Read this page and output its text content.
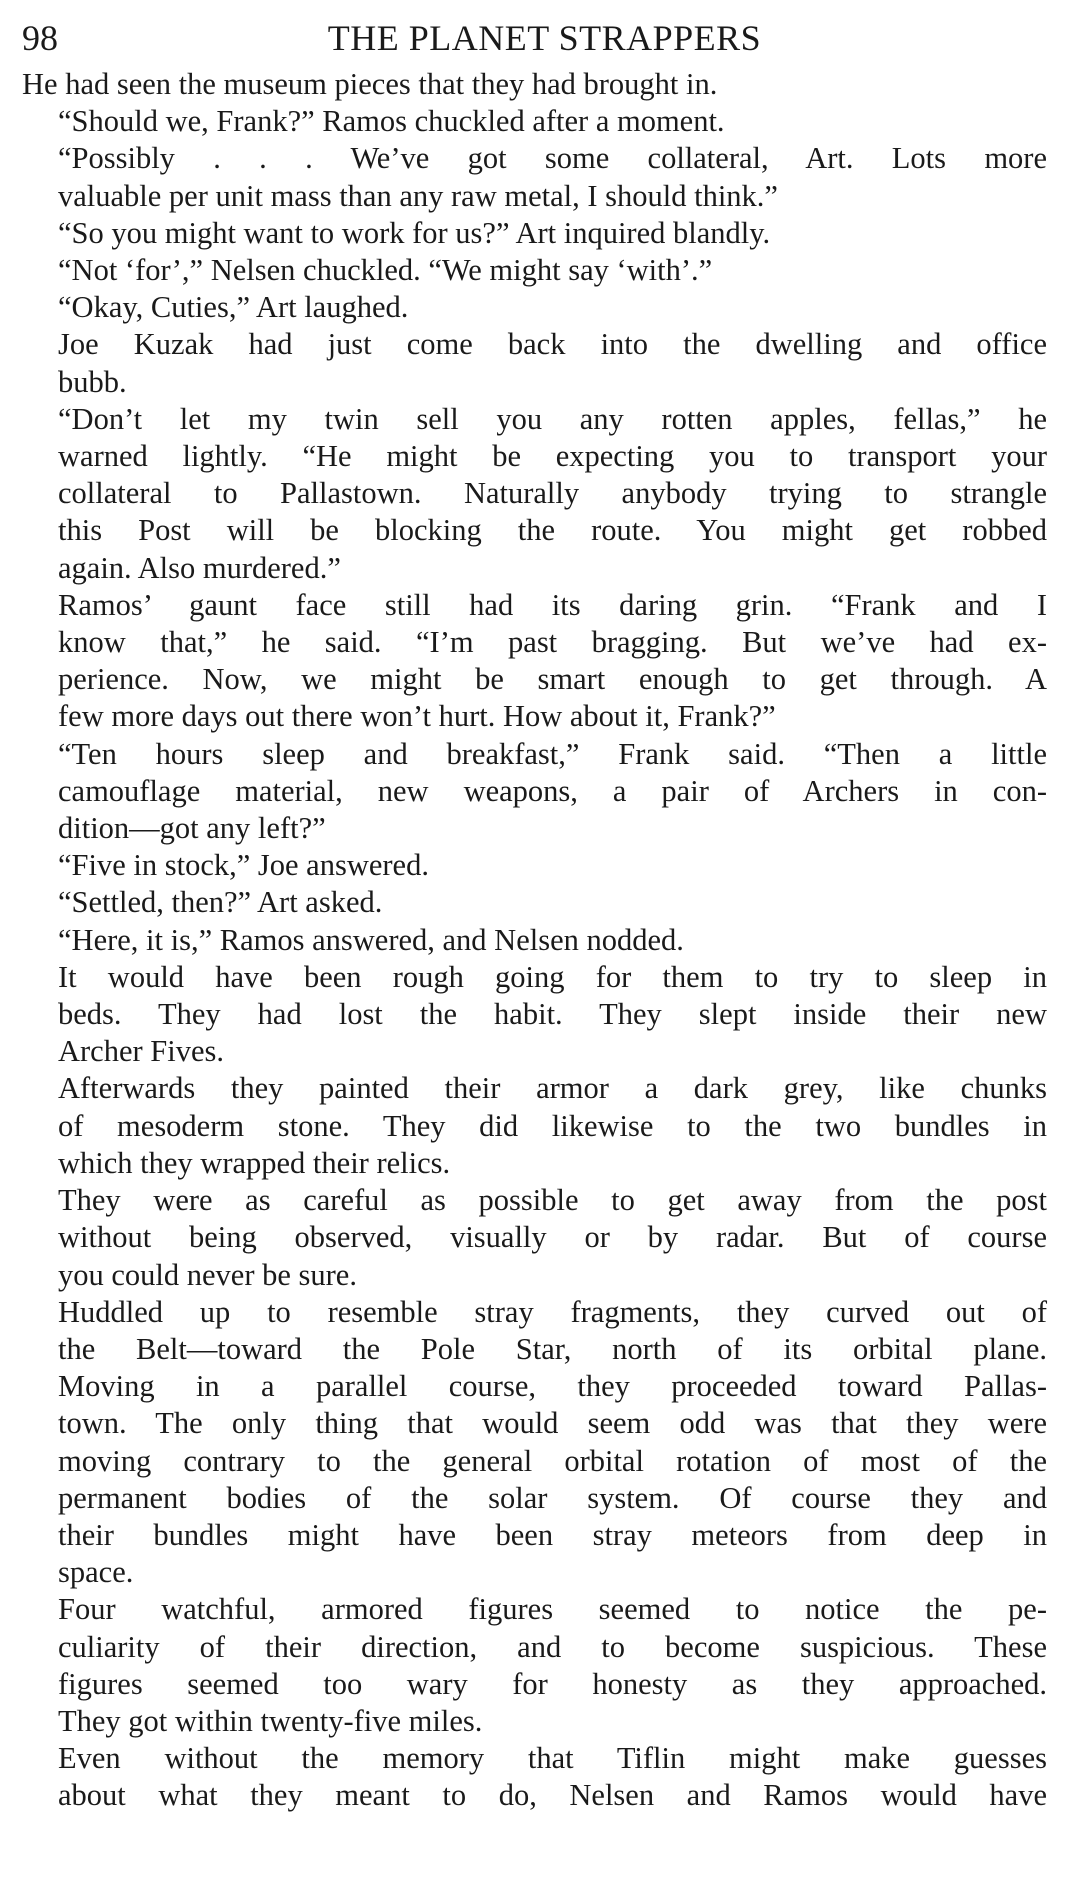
98	THE PLANET STRAPPERS

He had seen the museum pieces that they had brought in.

“Should we, Frank?” Ramos chuckled after a moment.

“Possibly . . . We’ve got some collateral, Art. Lots more
valuable per unit mass than any raw metal, I should think.”

“So you might want to work for us?” Art inquired blandly.

“Not ‘for’,” Nelsen chuckled. “We might say ‘with’.”

“Okay, Cuties,” Art laughed.

Joe Kuzak had just come back into the dwelling and office
bubb.

“Don’t let my twin sell you any rotten apples, fellas,” he
warned lightly. “He might be expecting you to transport your
collateral to Pallastown. Naturally anybody trying to strangle
this Post will be blocking the route. You might get robbed
again. Also murdered.”

Ramos’ gaunt face still had its daring grin. “Frank and I
know that,” he said. “I’m past bragging. But we’ve had ex-
perience. Now, we might be smart enough to get through. A
few more days out there won’t hurt. How about it, Frank?”

“Ten hours sleep and breakfast,” Frank said. “Then a little
camouflage material, new weapons, a pair of Archers in con-
dition—got any left?”

“Five in stock,” Joe answered.

“Settled, then?” Art asked.

“Here, it is,” Ramos answered, and Nelsen nodded.

It would have been rough going for them to try to sleep in
beds. They had lost the habit. They slept inside their new
Archer Fives.

Afterwards they painted their armor a dark grey, like chunks
of mesoderm stone. They did likewise to the two bundles in
which they wrapped their relics.

They were as careful as possible to get away from the post
without being observed, visually or by radar. But of course
you could never be sure.

Huddled up to resemble stray fragments, they curved out of
the Belt—toward the Pole Star, north of its orbital plane.
Moving in a parallel course, they proceeded toward Pallas-
town. The only thing that would seem odd was that they were
moving contrary to the general orbital rotation of most of the
permanent bodies of the solar system. Of course they and
their bundles might have been stray meteors from deep in
space.

Four watchful, armored figures seemed to notice the pe-
culiarity of their direction, and to become suspicious. These
figures seemed too wary for honesty as they approached.
They got within twenty-five miles.

Even without the memory that Tiflin might make guesses
about what they meant to do, Nelsen and Ramos would have
